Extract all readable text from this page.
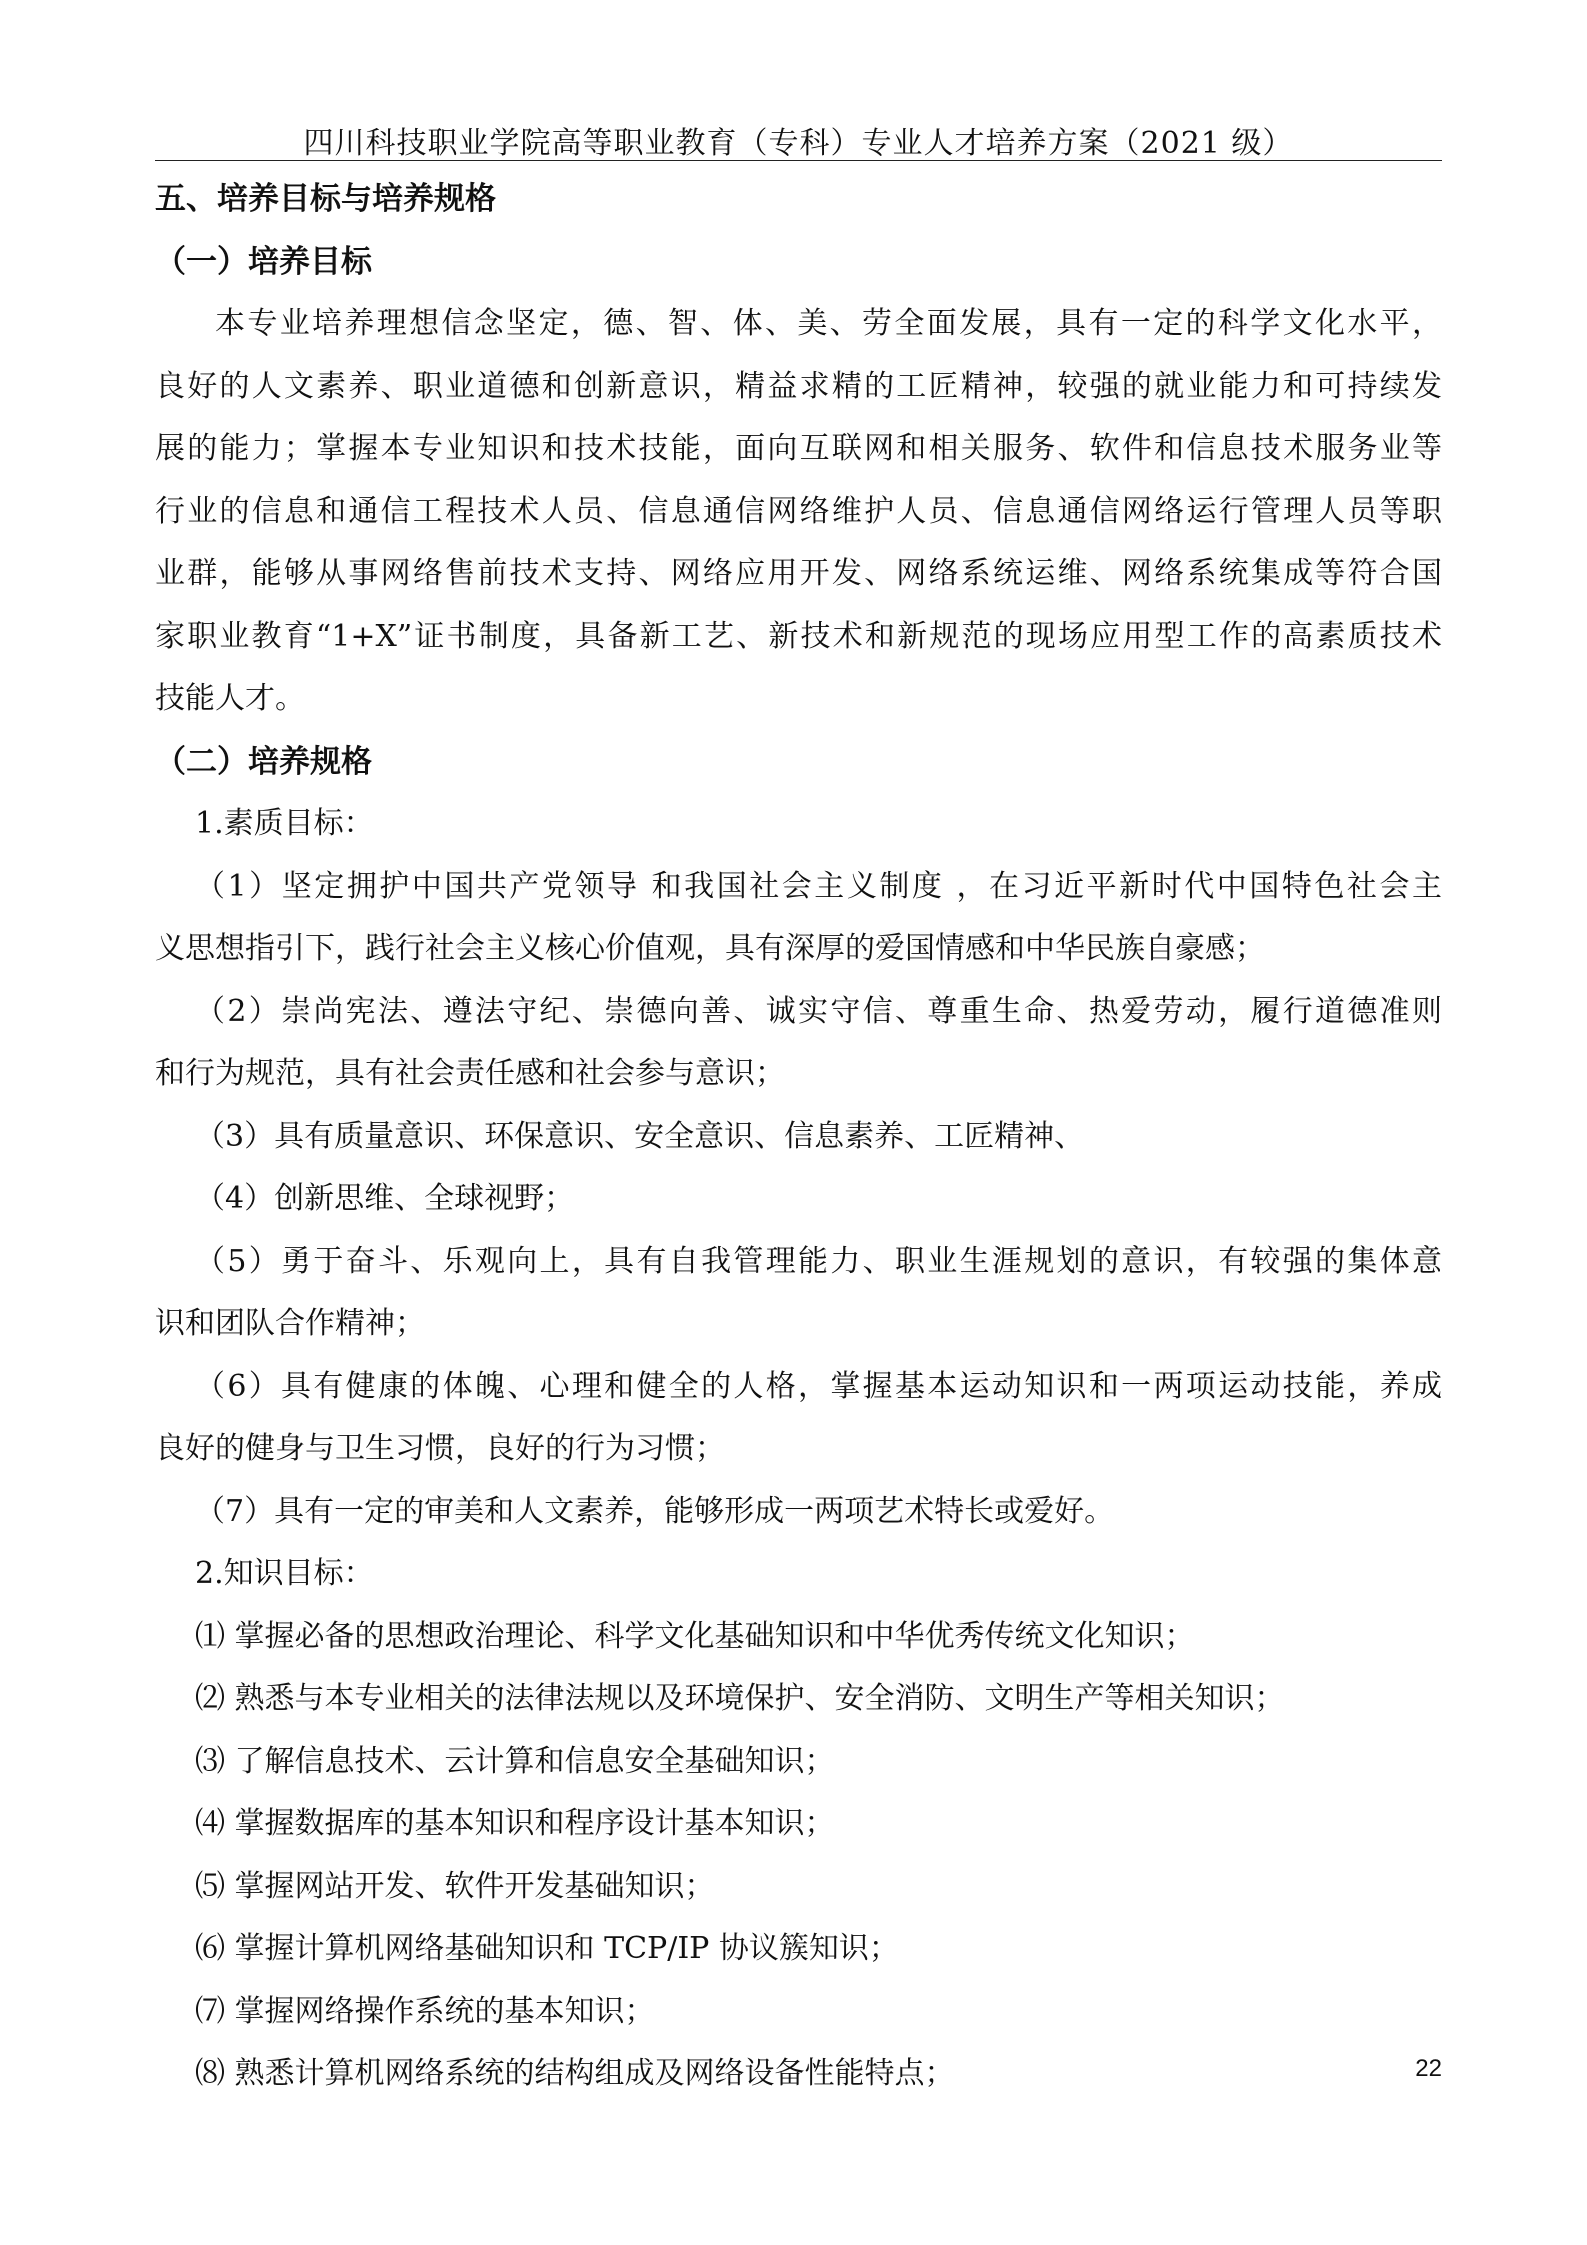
四川科技职业学院高等职业教育（专科）专业人才培养方案（2021 级）
五、培养目标与培养规格
（一）培养目标
本专业培养理想信念坚定，德、智、体、美、劳全面发展，具有一定的科学文化水平，
良好的人文素养、职业道德和创新意识，精益求精的工匠精神，较强的就业能力和可持续发
展的能力；掌握本专业知识和技术技能，面向互联网和相关服务、软件和信息技术服务业等
行业的信息和通信工程技术人员、信息通信网络维护人员、信息通信网络运行管理人员等职
业群，能够从事网络售前技术支持、网络应用开发、网络系统运维、网络系统集成等符合国
家职业教育“1+X”证书制度，具备新工艺、新技术和新规范的现场应用型工作的高素质技术
技能人才。
（二）培养规格
1.素质目标：
（1）坚定拥护中国共产党领导 和我国社会主义制度 ，在习近平新时代中国特色社会主
义思想指引下，践行社会主义核心价值观，具有深厚的爱国情感和中华民族自豪感；
（2）崇尚宪法、遵法守纪、崇德向善、诚实守信、尊重生命、热爱劳动，履行道德准则
和行为规范，具有社会责任感和社会参与意识；
（3）具有质量意识、环保意识、安全意识、信息素养、工匠精神、
（4）创新思维、全球视野；
（5）勇于奋斗、乐观向上，具有自我管理能力、职业生涯规划的意识，有较强的集体意
识和团队合作精神；
（6）具有健康的体魄、心理和健全的人格，掌握基本运动知识和一两项运动技能，养成
良好的健身与卫生习惯，良好的行为习惯；
（7）具有一定的审美和人文素养，能够形成一两项艺术特长或爱好。
2.知识目标：
⑴ 掌握必备的思想政治理论、科学文化基础知识和中华优秀传统文化知识；
⑵ 熟悉与本专业相关的法律法规以及环境保护、安全消防、文明生产等相关知识；
⑶ 了解信息技术、云计算和信息安全基础知识；
⑷ 掌握数据库的基本知识和程序设计基本知识；
⑸ 掌握网站开发、软件开发基础知识；
⑹ 掌握计算机网络基础知识和 TCP/IP 协议簇知识；
⑺ 掌握网络操作系统的基本知识；
⑻ 熟悉计算机网络系统的结构组成及网络设备性能特点；	22
